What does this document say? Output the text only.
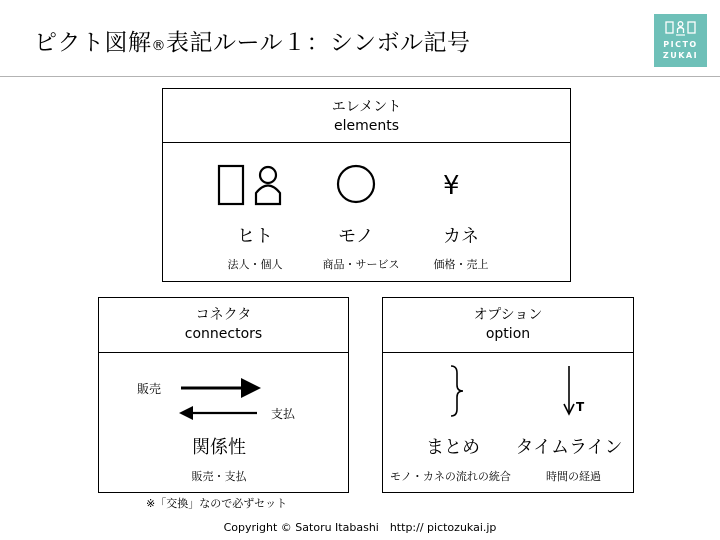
ピクト図解®表記ルール１：シンボル記号	PICTO
ZUKAI
エレメント
elements
¥
ヒト	モノ	カネ
法人・個人	商品・サービス	価格・売上
コネクタ
connectors
販売
支払
関係性
販売・支払
オプション
option
T
まとめ	タイムライン
モノ・カネの流れの統合	時間の経過
※「交換」なので必ずセット
Copyright © Satoru Itabashi　http:// pictozukai.jp
